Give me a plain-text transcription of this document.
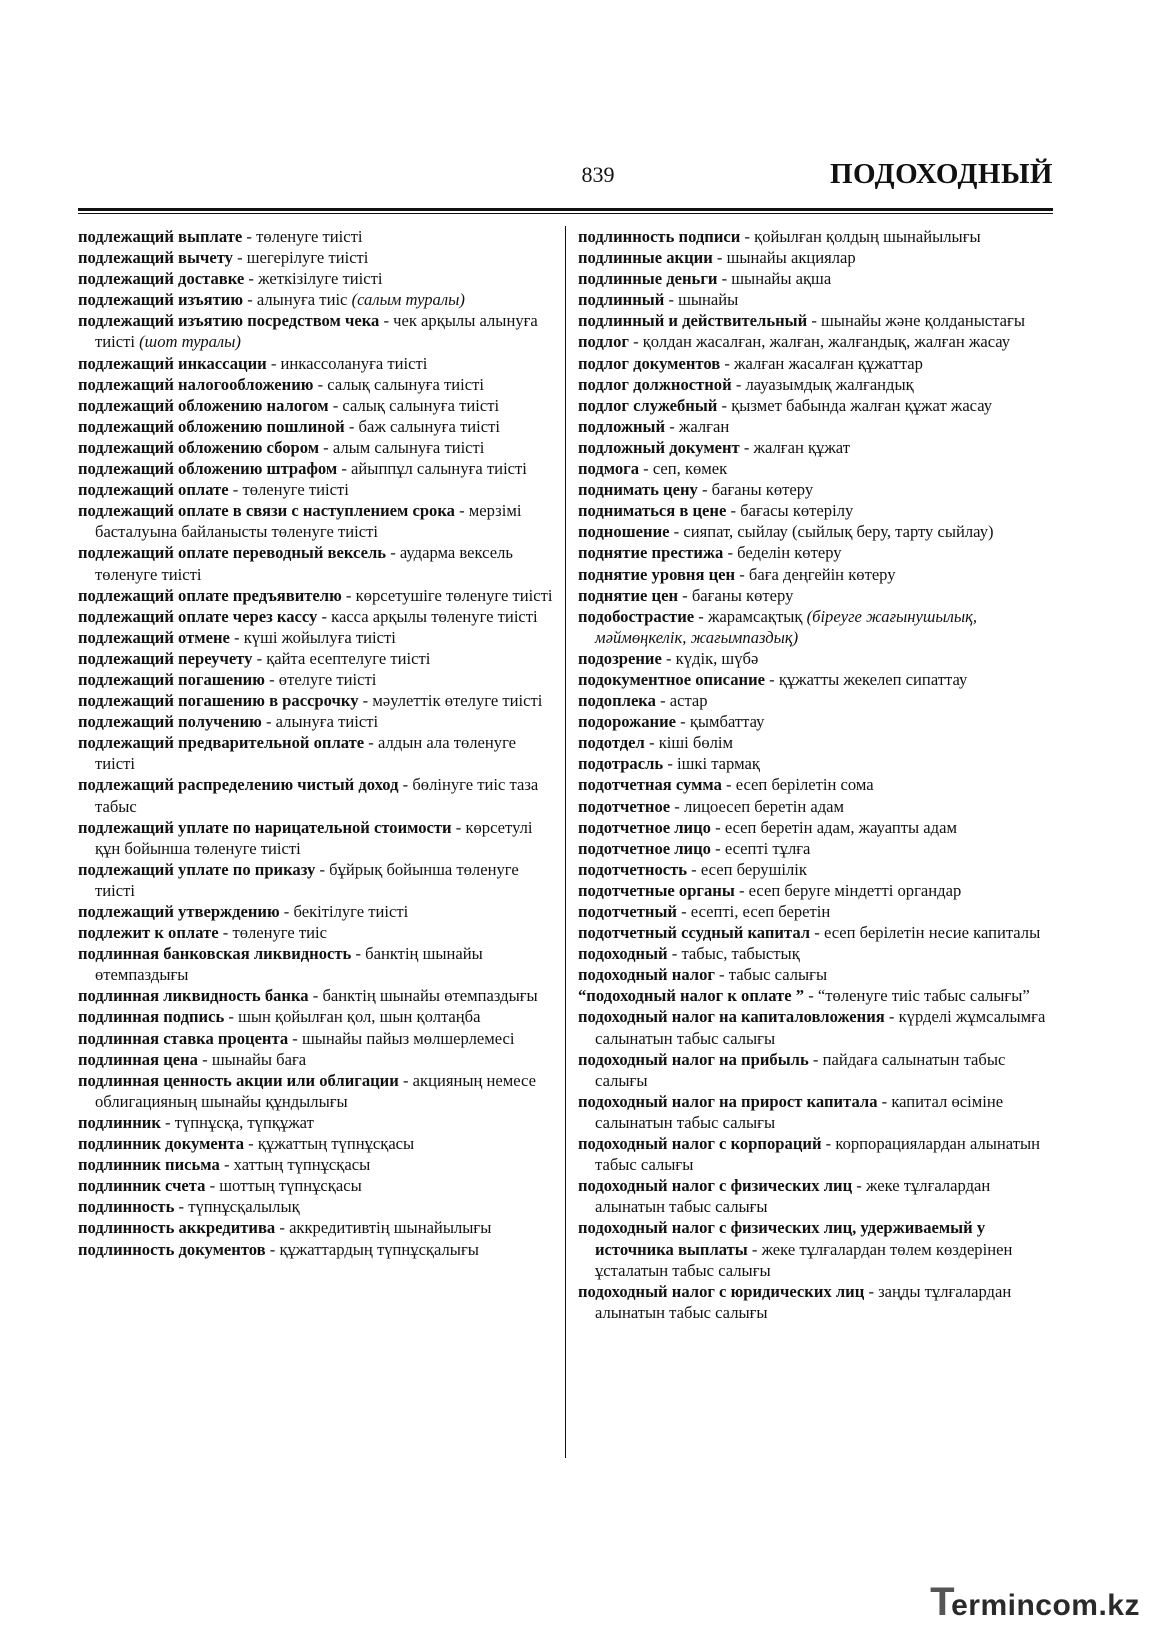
839	ПОДОХОДНЫЙ

подлежащий выплате - төленуге тиісті

подлежащий вычету - шегерілуге тиісті

подлежащий доставке - жеткізілуге тиісті

подлежащий изъятию - алынуға тиіс (салым туралы)

подлежащий изъятию посредством чека - чек арқылы алынуға тиісті (шот туралы)

подлежащий инкассации - инкассолануға тиісті

подлежащий налогообложению - салық салынуға тиісті

подлежащий обложению налогом - салық салынуға тиісті

подлежащий обложению пошлиной - баж салынуға тиісті

подлежащий обложению сбором - алым салынуға тиісті

подлежащий обложению штрафом - айыппұл салынуға тиісті

подлежащий оплате - төленуге тиісті

подлежащий оплате в связи с наступлением срока - мерзімі басталуына байланысты төленуге тиісті

подлежащий оплате переводный вексель - аударма вексель төленуге тиісті

подлежащий оплате предъявителю - көрсетушіге төленуге тиісті

подлежащий оплате через кассу - касса арқылы төленуге тиісті

подлежащий отмене - күші жойылуға тиісті

подлежащий переучету - қайта есептелуге тиісті

подлежащий погашению - өтелуге тиісті

подлежащий погашению в рассрочку - мәулеттік өтелуге тиісті

подлежащий получению - алынуға тиісті

подлежащий предварительной оплате - алдын ала төленуге тиісті

подлежащий распределению чистый доход - бөлінуге тиіс таза табыс

подлежащий уплате по нарицательной стоимости - көрсетулі құн бойынша төленуге тиісті

подлежащий уплате по приказу - бұйрық бойынша төленуге тиісті

подлежащий утверждению - бекітілуге тиісті

подлежит к оплате - төленуге тиіс

подлинная банковская ликвидность - банктің шынайы өтемпаздығы

подлинная ликвидность банка - банктің шынайы өтемпаздығы

подлинная подпись - шын қойылған қол, шын қолтаңба

подлинная ставка процента - шынайы пайыз мөлшерлемесі

подлинная цена - шынайы баға

подлинная ценность акции или облигации - акцияның немесе облигацияның шынайы құндылығы

подлинник - түпнұсқа, түпқұжат

подлинник документа - құжаттың түпнұсқасы

подлинник письма - хаттың түпнұсқасы

подлинник счета - шоттың түпнұсқасы

подлинность - түпнұсқалылық

подлинность аккредитива - аккредитивтің шынайылығы

подлинность документов - құжаттардың түпнұсқалығы

подлинность подписи - қойылған қолдың шынайылығы

подлинные акции - шынайы акциялар

подлинные деньги - шынайы ақша

подлинный - шынайы

подлинный и действительный - шынайы және қолданыстағы

подлог - қолдан жасалған, жалған, жалғандық, жалған жасау

подлог документов - жалған жасалған құжаттар

подлог должностной - лауазымдық жалғандық

подлог служебный - қызмет бабында жалған құжат жасау

подложный - жалған

подложный документ - жалған құжат

подмога - сеп, көмек

поднимать цену - бағаны көтеру

подниматься в цене - бағасы көтерілу

подношение - сияпат, сыйлау (сыйлық беру, тарту сыйлау)

поднятие престижа - беделін көтеру

поднятие уровня цен - баға деңгейін көтеру

поднятие цен - бағаны көтеру

подобострастие - жарамсақтық (біреуге жағынушылық, мәймөңкелік, жағымпаздық)

подозрение - күдік, шүбә

подокументное описание - құжатты жекелеп сипаттау

подоплека - астар

подорожание - қымбаттау

подотдел - кіші бөлім

подотрасль - ішкі тармақ

подотчетная сумма - есеп берілетін сома

подотчетное - лицоесеп беретін адам

подотчетное лицо - есеп беретін адам, жауапты адам

подотчетное лицо - есепті тұлға

подотчетность - есеп берушілік

подотчетные органы - есеп беруге міндетті органдар

подотчетный - есепті, есеп беретін

подотчетный ссудный капитал - есеп берілетін несие капиталы

подоходный - табыс, табыстық

подоходный налог - табыс салығы

“подоходный налог к оплате ” - “төленуге тиіс табыс салығы”

подоходный налог на капиталовложения - күрделі жұмсалымға салынатын табыс салығы

подоходный налог на прибыль - пайдаға салынатын табыс салығы

подоходный налог на прирост капитала - капитал өсіміне салынатын табыс салығы

подоходный налог с корпораций - корпорациялардан алынатын табыс салығы

подоходный налог с физических лиц - жеке тұлғалардан алынатын табыс салығы

подоходный налог с физических лиц, удерживаемый у источника выплаты - жеке тұлғалардан төлем көздерінен ұсталатын табыс салығы

подоходный налог с юридических лиц - заңды тұлғалардан алынатын табыс салығы

Termincom.kz
